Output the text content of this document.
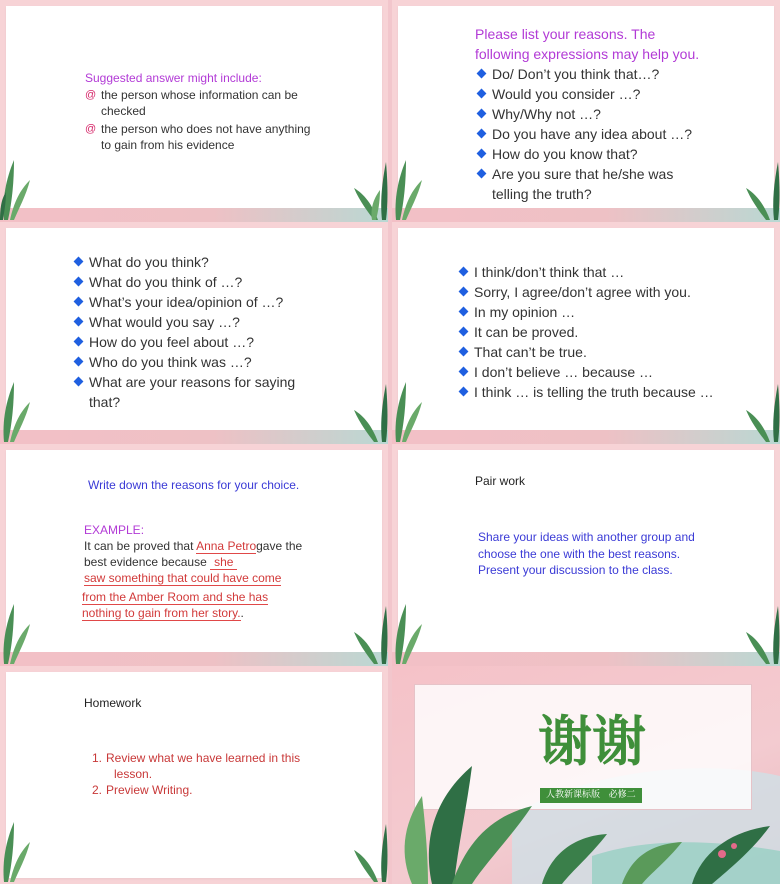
Suggested answer might include:
@ the person whose information can be
checked
@ the person who does not have anything
to gain from his evidence
Please list your reasons. The
following expressions may help you.
Do/ Don’t you think that…?
Would you consider …?
Why/Why not …?
Do you have any idea about …?
How do you know that?
Are you sure that he/she was
telling the truth?
What do you think?
What do you think of …?
What’s your idea/opinion of …?
What would you say …?
How do you feel about …?
Who do you think was …?
What are your reasons for saying
that?
I think/don’t think that …
Sorry, I agree/don’t agree with you.
In my opinion …
It can be proved.
That can’t be true.
I don’t believe … because …
I think … is telling the truth because …
Write down the reasons for your choice.
EXAMPLE:
It can be proved that Anna Petrogave the
best evidence because she
saw something that could have come
from the Amber Room and she has
nothing to gain from her story..
Pair work
Share your ideas with another group and
choose the one with the best reasons.
Present your discussion to the class.
Homework
1. Review what we have learned in this
lesson.
2. Preview Writing.
谢谢
人教新课标版   必修二
